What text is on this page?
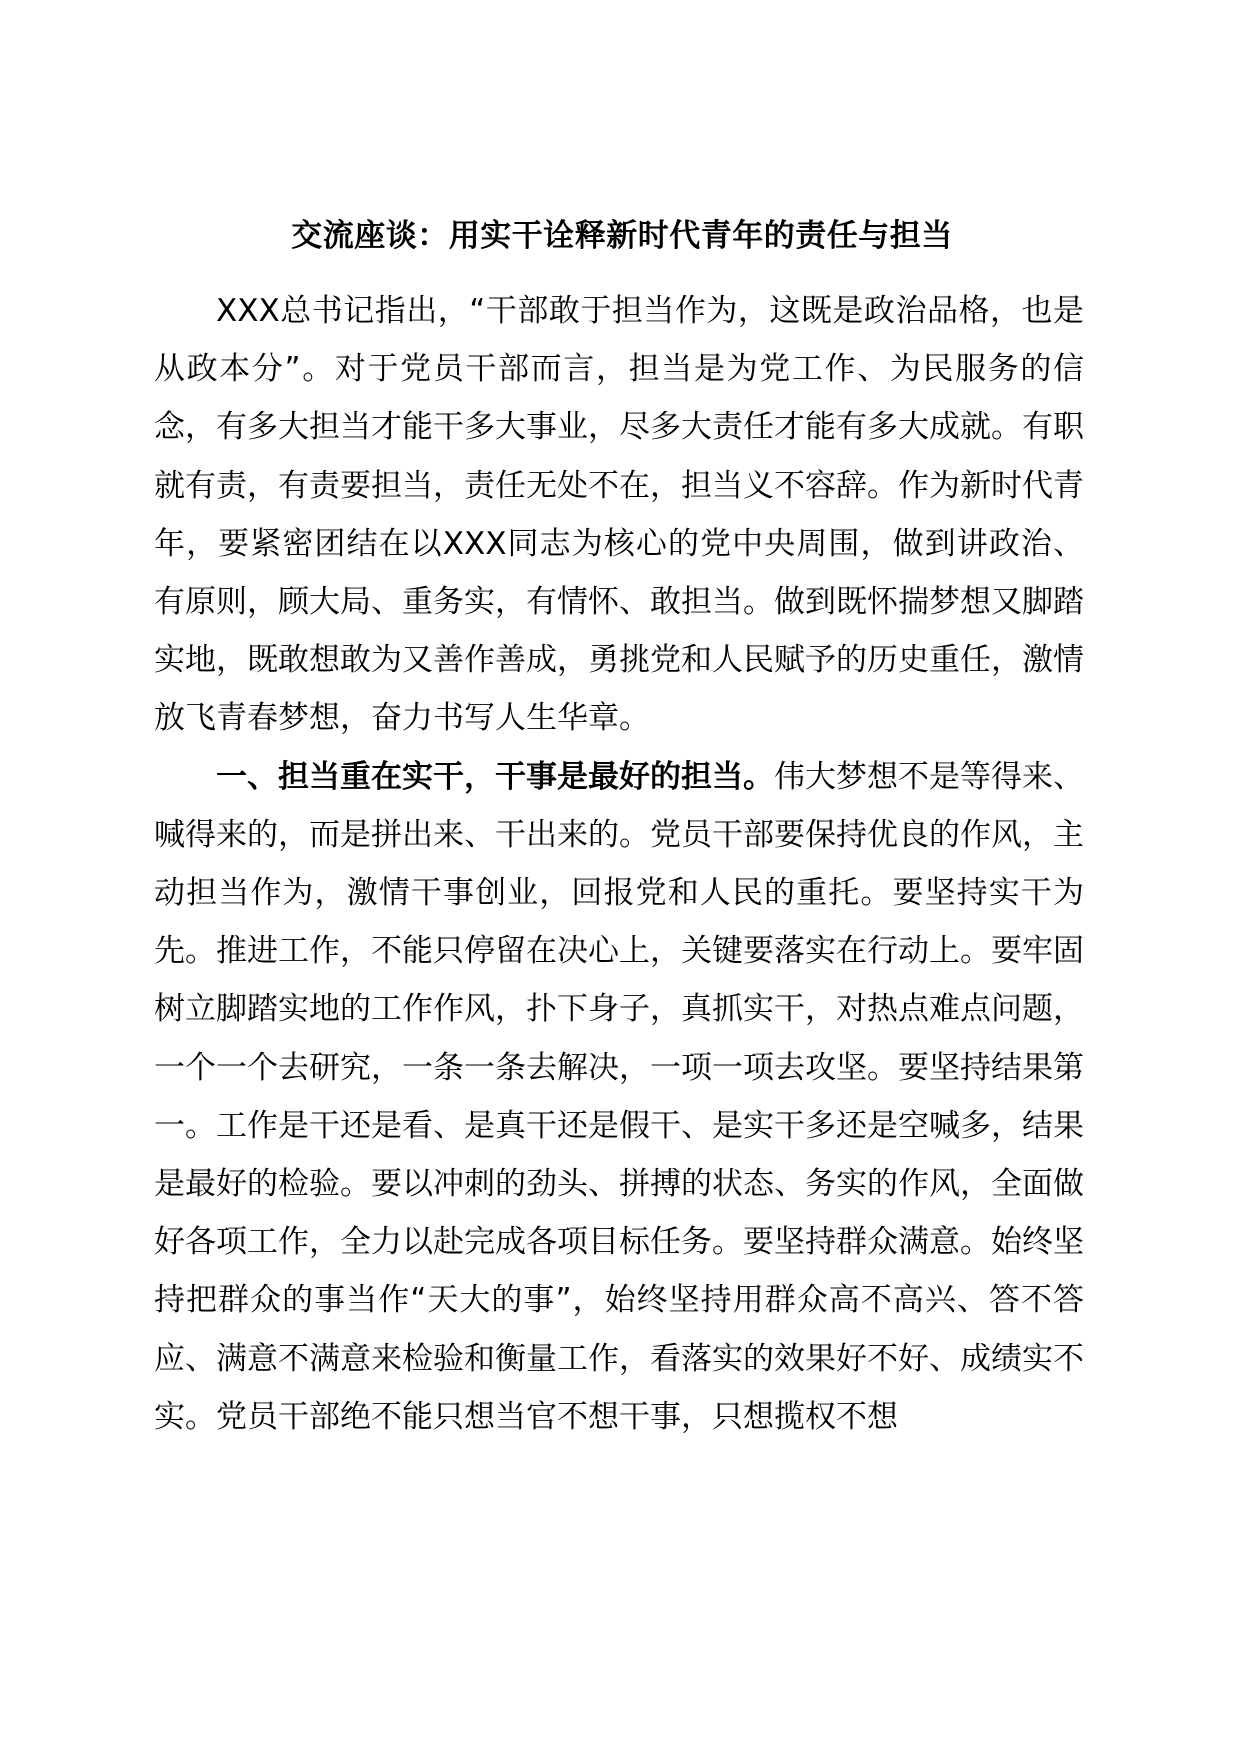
交流座谈：用实干诠释新时代青年的责任与担当

XXX总书记指出，“干部敢于担当作为，这既是政治品格，也是从政本分”。对于党员干部而言，担当是为党工作、为民服务的信念，有多大担当才能干多大事业，尽多大责任才能有多大成就。有职就有责，有责要担当，责任无处不在，担当义不容辞。作为新时代青年，要紧密团结在以XXX同志为核心的党中央周围，做到讲政治、有原则，顾大局、重务实，有情怀、敢担当。做到既怀揣梦想又脚踏实地，既敢想敢为又善作善成，勇挑党和人民赋予的历史重任，激情放飞青春梦想，奋力书写人生华章。

一、担当重在实干，干事是最好的担当。伟大梦想不是等得来、喊得来的，而是拼出来、干出来的。党员干部要保持优良的作风，主动担当作为，激情干事创业，回报党和人民的重托。要坚持实干为先。推进工作，不能只停留在决心上，关键要落实在行动上。要牢固树立脚踏实地的工作作风，扑下身子，真抓实干，对热点难点问题，一个一个去研究，一条一条去解决，一项一项去攻坚。要坚持结果第一。工作是干还是看、是真干还是假干、是实干多还是空喊多，结果是最好的检验。要以冲刺的劲头、拼搏的状态、务实的作风，全面做好各项工作，全力以赴完成各项目标任务。要坚持群众满意。始终坚持把群众的事当作“天大的事”，始终坚持用群众高不高兴、答不答应、满意不满意来检验和衡量工作，看落实的效果好不好、成绩实不实。党员干部绝不能只想当官不想干事，只想揽权不想
